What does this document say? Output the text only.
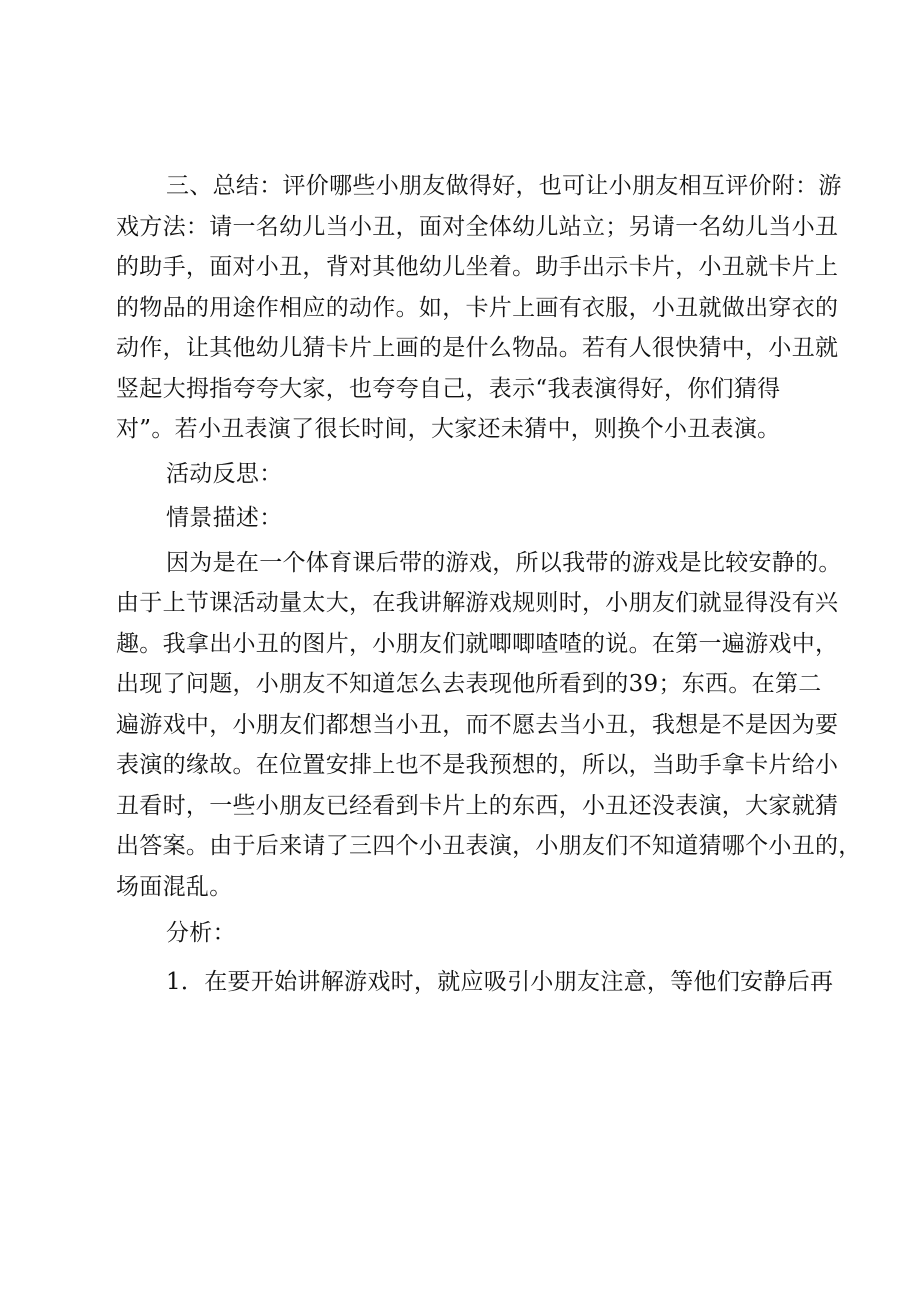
三、总结：评价哪些小朋友做得好，也可让小朋友相互评价附：游
戏方法：请一名幼儿当小丑，面对全体幼儿站立；另请一名幼儿当小丑
的助手，面对小丑，背对其他幼儿坐着。助手出示卡片，小丑就卡片上
的物品的用途作相应的动作。如，卡片上画有衣服，小丑就做出穿衣的
动作，让其他幼儿猜卡片上画的是什么物品。若有人很快猜中，小丑就
竖起大拇指夸夸大家，也夸夸自己，表示“我表演得好，你们猜得
对”。若小丑表演了很长时间，大家还未猜中，则换个小丑表演。
活动反思：
情景描述：
因为是在一个体育课后带的游戏，所以我带的游戏是比较安静的。
由于上节课活动量太大，在我讲解游戏规则时，小朋友们就显得没有兴
趣。我拿出小丑的图片，小朋友们就唧唧喳喳的说。在第一遍游戏中，
出现了问题，小朋友不知道怎么去表现他所看到的39；东西。在第二
遍游戏中，小朋友们都想当小丑，而不愿去当小丑，我想是不是因为要
表演的缘故。在位置安排上也不是我预想的，所以，当助手拿卡片给小
丑看时，一些小朋友已经看到卡片上的东西，小丑还没表演，大家就猜
出答案。由于后来请了三四个小丑表演，小朋友们不知道猜哪个小丑的，
场面混乱。
分析：
1．在要开始讲解游戏时，就应吸引小朋友注意，等他们安静后再
